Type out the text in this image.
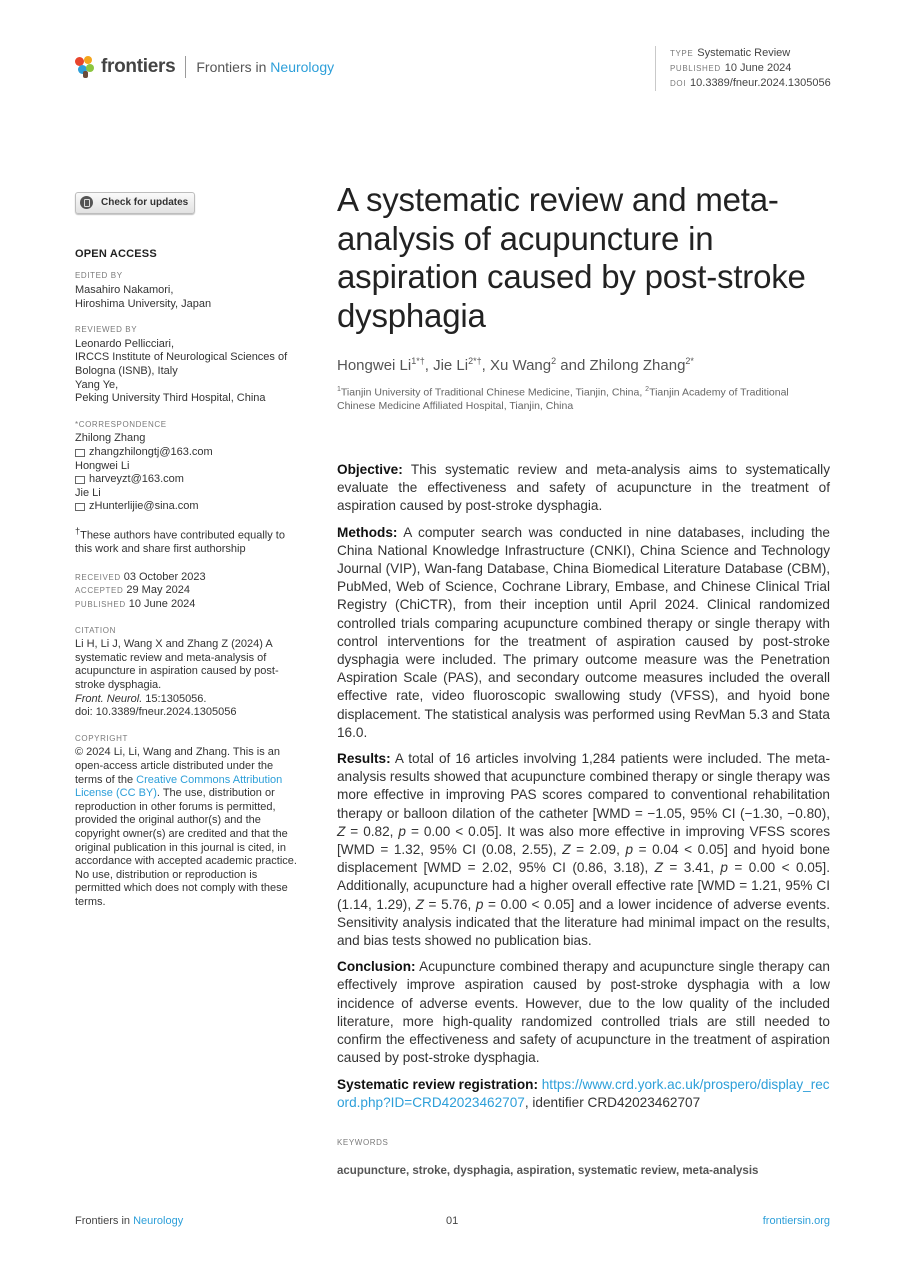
frontiers Frontiers in Neurology
TYPE Systematic Review
PUBLISHED 10 June 2024
DOI 10.3389/fneur.2024.1305056
Check for updates
OPEN ACCESS
EDITED BY
Masahiro Nakamori,
Hiroshima University, Japan
REVIEWED BY
Leonardo Pellicciari,
IRCCS Institute of Neurological Sciences of Bologna (ISNB), Italy
Yang Ye,
Peking University Third Hospital, China
*CORRESPONDENCE
Zhilong Zhang
zhangzhilongtj@163.com
Hongwei Li
harveyzt@163.com
Jie Li
zHunterlijie@sina.com
†These authors have contributed equally to this work and share first authorship
RECEIVED 03 October 2023
ACCEPTED 29 May 2024
PUBLISHED 10 June 2024
CITATION
Li H, Li J, Wang X and Zhang Z (2024) A systematic review and meta-analysis of acupuncture in aspiration caused by post-stroke dysphagia.
Front. Neurol. 15:1305056.
doi: 10.3389/fneur.2024.1305056
COPYRIGHT
© 2024 Li, Li, Wang and Zhang. This is an open-access article distributed under the terms of the Creative Commons Attribution License (CC BY). The use, distribution or reproduction in other forums is permitted, provided the original author(s) and the copyright owner(s) are credited and that the original publication in this journal is cited, in accordance with accepted academic practice. No use, distribution or reproduction is permitted which does not comply with these terms.
A systematic review and meta-analysis of acupuncture in aspiration caused by post-stroke dysphagia
Hongwei $Li^{1*\dagger}$, Jie $Li^{2*\dagger}$, Xu Wang$^2$ and Zhilong Zhang$^{2*}$
$^1$Tianjin University of Traditional Chinese Medicine, Tianjin, China, $^2$Tianjin Academy of Traditional Chinese Medicine Affiliated Hospital, Tianjin, China

Objective: This systematic review and meta-analysis aims to systematically evaluate the effectiveness and safety of acupuncture in the treatment of aspiration caused by post-stroke dysphagia.

Methods: A computer search was conducted in nine databases, including the China National Knowledge Infrastructure (CNKI), China Science and Technology Journal (VIP), Wan-fang Database, China Biomedical Literature Database (CBM), PubMed, Web of Science, Cochrane Library, Embase, and Chinese Clinical Trial Registry (ChiCTR), from their inception until April 2024. Clinical randomized controlled trials comparing acupuncture combined therapy or single therapy with control interventions for the treatment of aspiration caused by post-stroke dysphagia were included. The primary outcome measure was the Penetration Aspiration Scale (PAS), and secondary outcome measures included the overall effective rate, video fluoroscopic swallowing study (VFSS), and hyoid bone displacement. The statistical analysis was performed using RevMan 5.3 and Stata 16.0.

Results: A total of 16 articles involving 1,284 patients were included. The meta-analysis results showed that acupuncture combined therapy or single therapy was more effective in improving PAS scores compared to conventional rehabilitation therapy or balloon dilation of the catheter [WMD = −1.05, 95% CI (−1.30, −0.80), Z = 0.82, p = 0.00 < 0.05]. It was also more effective in improving VFSS scores [WMD = 1.32, 95% CI (0.08, 2.55), Z = 2.09, p = 0.04 < 0.05] and hyoid bone displacement [WMD = 2.02, 95% CI (0.86, 3.18), Z = 3.41, p = 0.00 < 0.05]. Additionally, acupuncture had a higher overall effective rate [WMD = 1.21, 95% CI (1.14, 1.29), Z = 5.76, p = 0.00 < 0.05] and a lower incidence of adverse events. Sensitivity analysis indicated that the literature had minimal impact on the results, and bias tests showed no publication bias.

Conclusion: Acupuncture combined therapy and acupuncture single therapy can effectively improve aspiration caused by post-stroke dysphagia with a low incidence of adverse events. However, due to the low quality of the included literature, more high-quality randomized controlled trials are still needed to confirm the effectiveness and safety of acupuncture in the treatment of aspiration caused by post-stroke dysphagia.

Systematic review registration: https://www.crd.york.ac.uk/prospero/display_record.php?ID=CRD42023462707, identifier CRD42023462707

KEYWORDS
acupuncture, stroke, dysphagia, aspiration, systematic review, meta-analysis
Frontiers in Neurology	01	frontiersin.org
